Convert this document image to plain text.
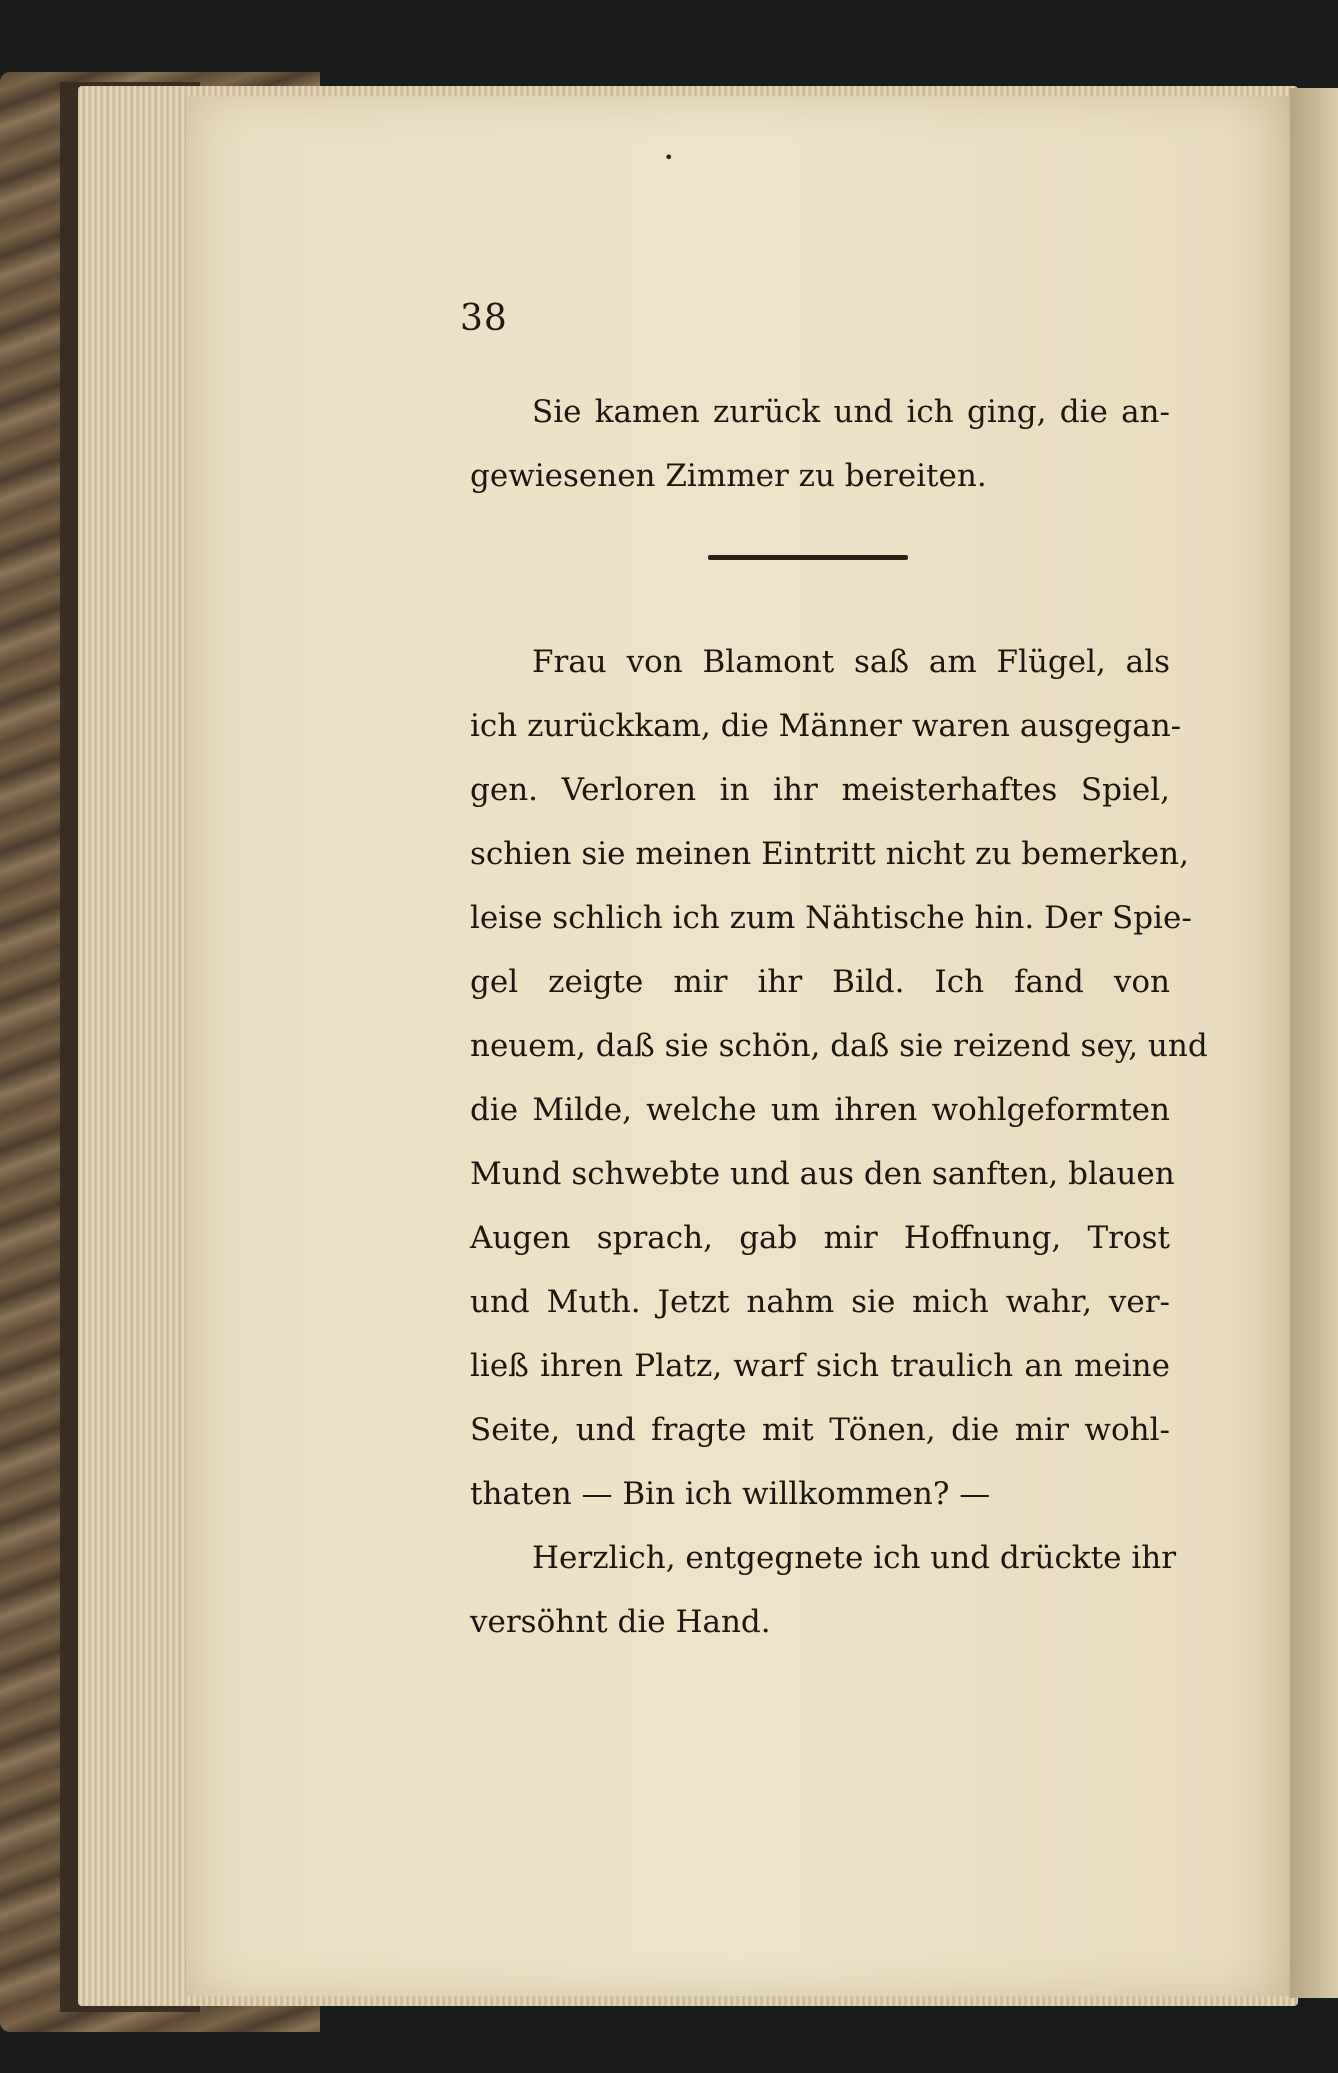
•
38
Sie kamen zurück und ich ging, die an-
gewiesenen Zimmer zu bereiten.
Frau von Blamont saß am Flügel, als
ich zurückkam, die Männer waren ausgegan-
gen. Verloren in ihr meisterhaftes Spiel,
schien sie meinen Eintritt nicht zu bemerken,
leise schlich ich zum Nähtische hin. Der Spie-
gel zeigte mir ihr Bild. Ich fand von
neuem, daß sie schön, daß sie reizend sey, und
die Milde, welche um ihren wohlgeformten
Mund schwebte und aus den sanften, blauen
Augen sprach, gab mir Hoffnung, Trost
und Muth. Jetzt nahm sie mich wahr, ver-
ließ ihren Platz, warf sich traulich an meine
Seite, und fragte mit Tönen, die mir wohl-
thaten — Bin ich willkommen? —
Herzlich, entgegnete ich und drückte ihr
versöhnt die Hand.
